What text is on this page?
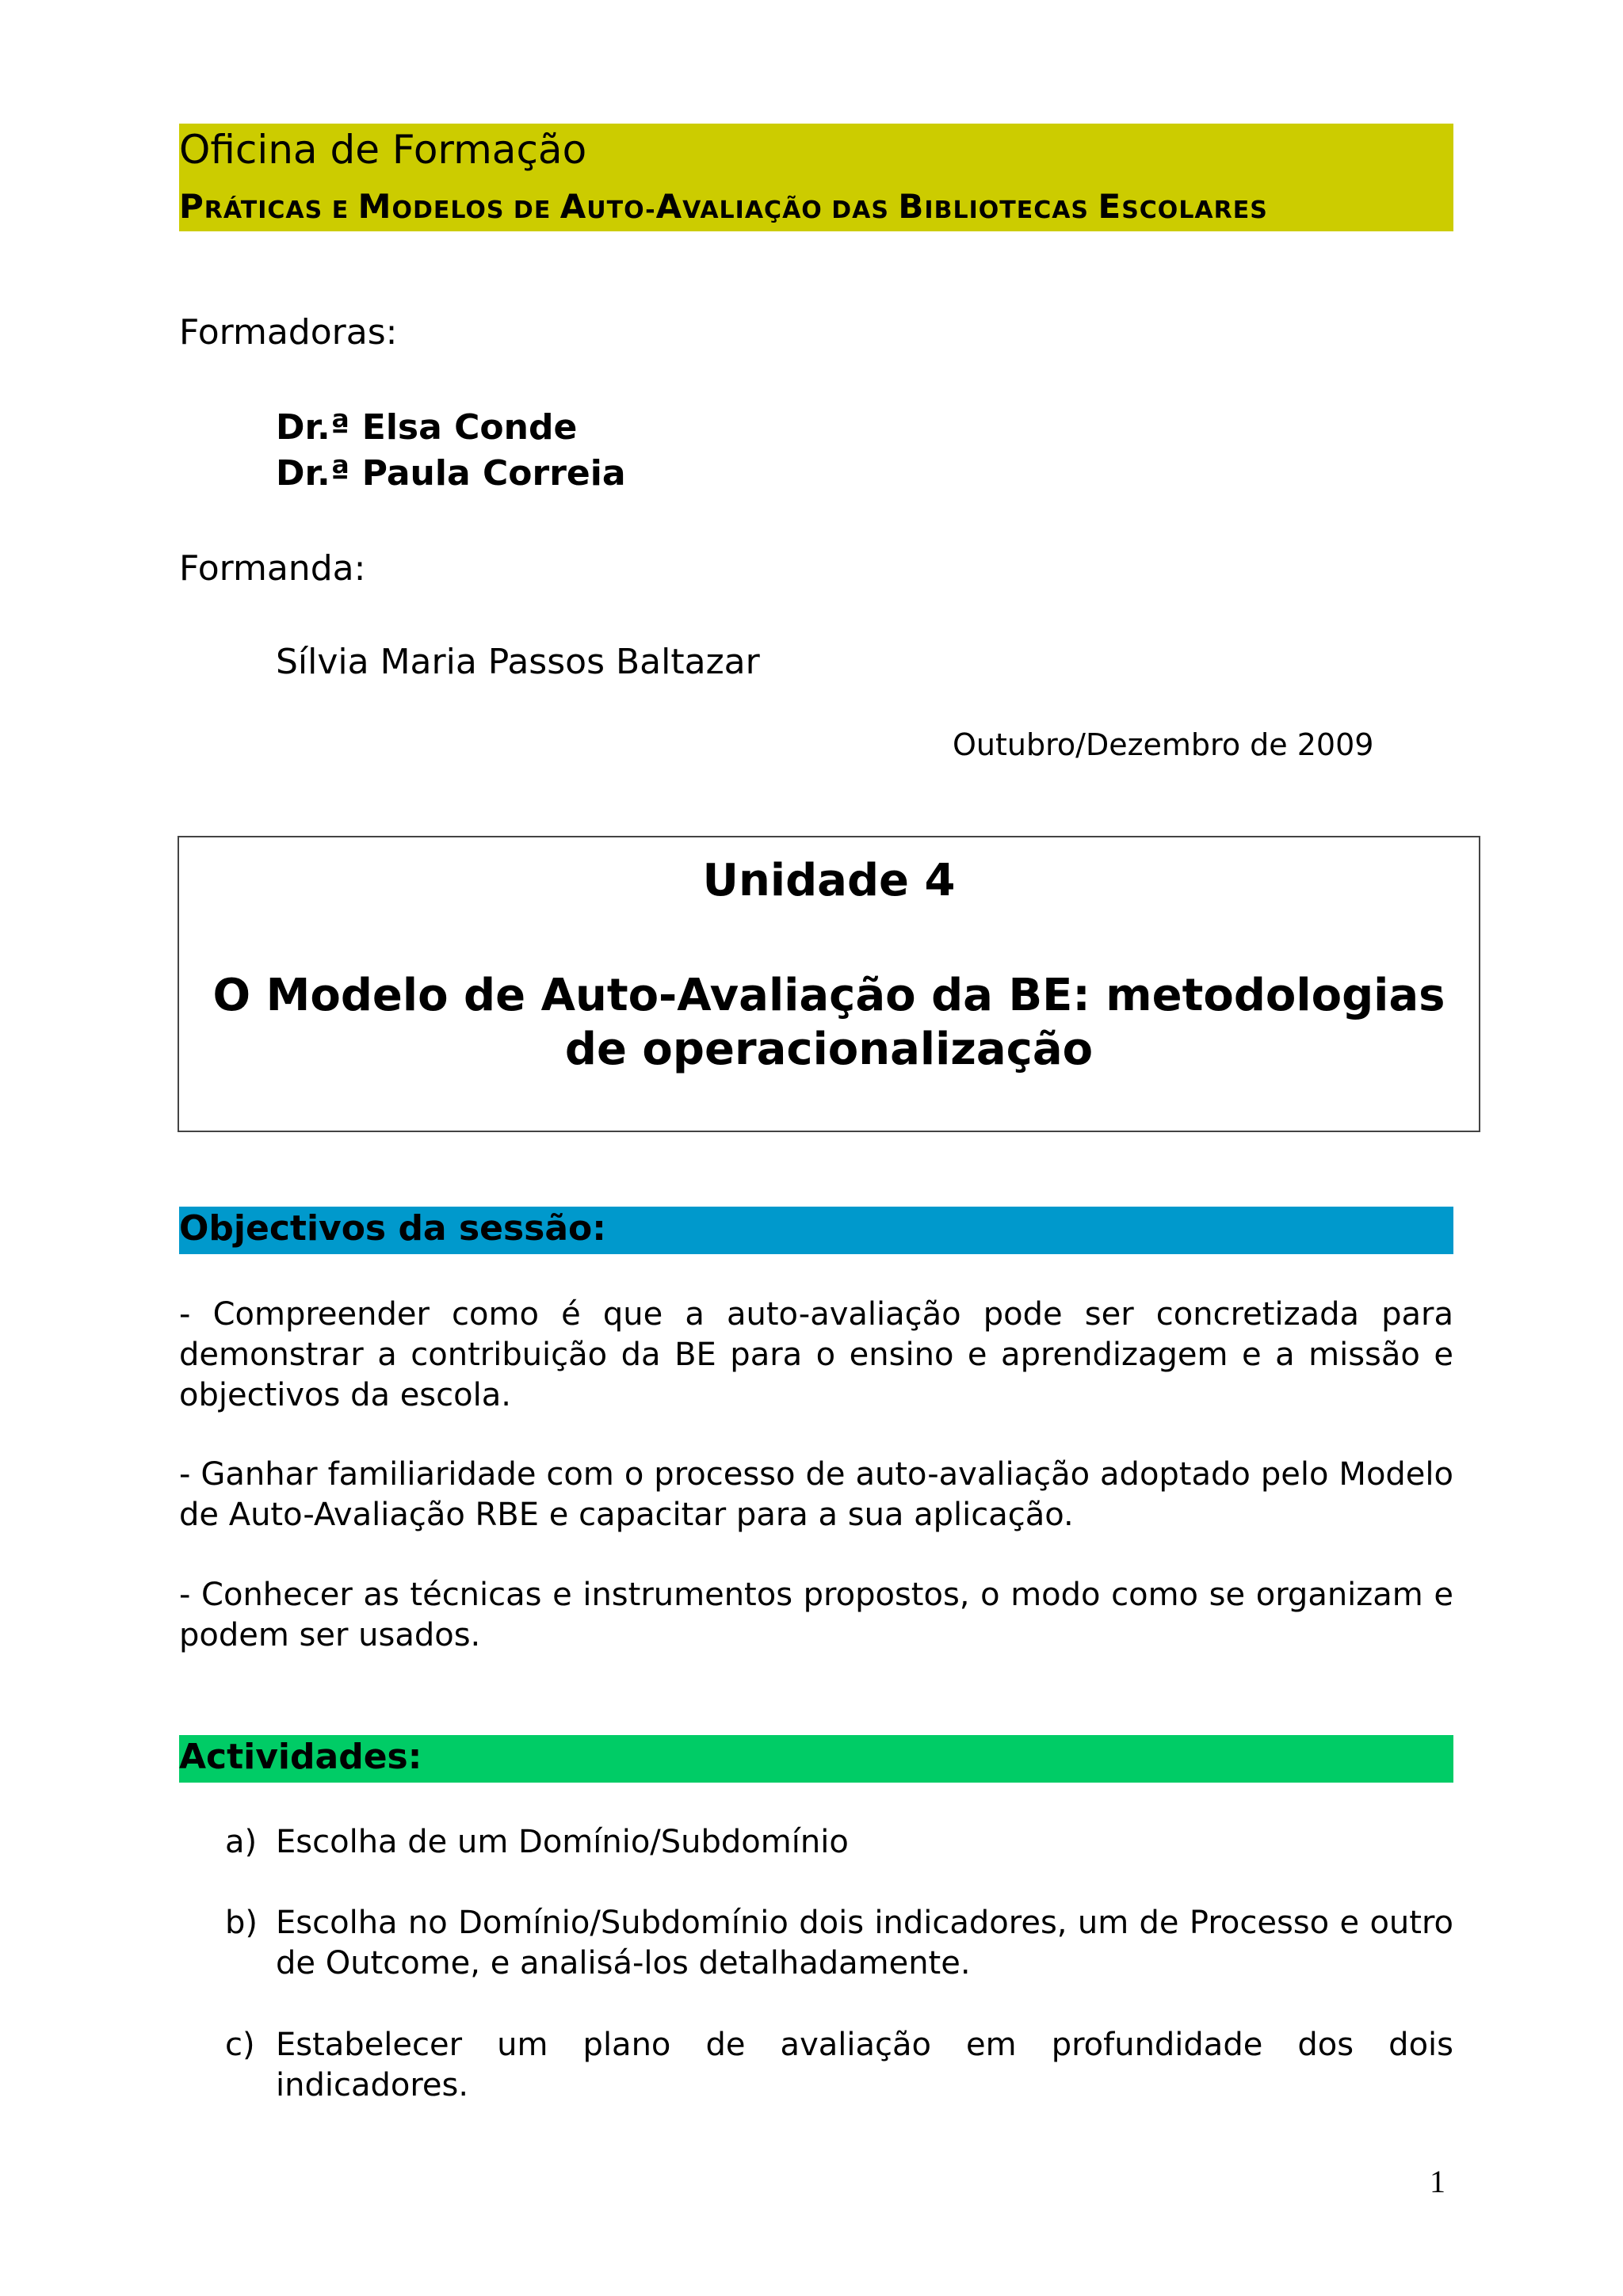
Oficina de Formação
PRÁTICAS E MODELOS DE AUTO-AVALIAÇÃO DAS BIBLIOTECAS ESCOLARES
Formadoras:
Dr.ª Elsa Conde
Dr.ª Paula Correia
Formanda:
Sílvia Maria Passos Baltazar
Outubro/Dezembro de 2009
Unidade 4
O Modelo de Auto-Avaliação da BE: metodologias de operacionalização
Objectivos da sessão:
- Compreender como é que a auto-avaliação pode ser concretizada para demonstrar a contribuição da BE para o ensino e aprendizagem e a missão e objectivos da escola.
- Ganhar familiaridade com o processo de auto-avaliação adoptado pelo Modelo de Auto-Avaliação RBE e capacitar para a sua aplicação.
- Conhecer as técnicas e instrumentos propostos, o modo como se organizam e podem ser usados.
Actividades:
a) Escolha de um Domínio/Subdomínio
b) Escolha no Domínio/Subdomínio dois indicadores, um de Processo e outro de Outcome, e analisá-los detalhadamente.
c) Estabelecer um plano de avaliação em profundidade dos dois indicadores.
1
